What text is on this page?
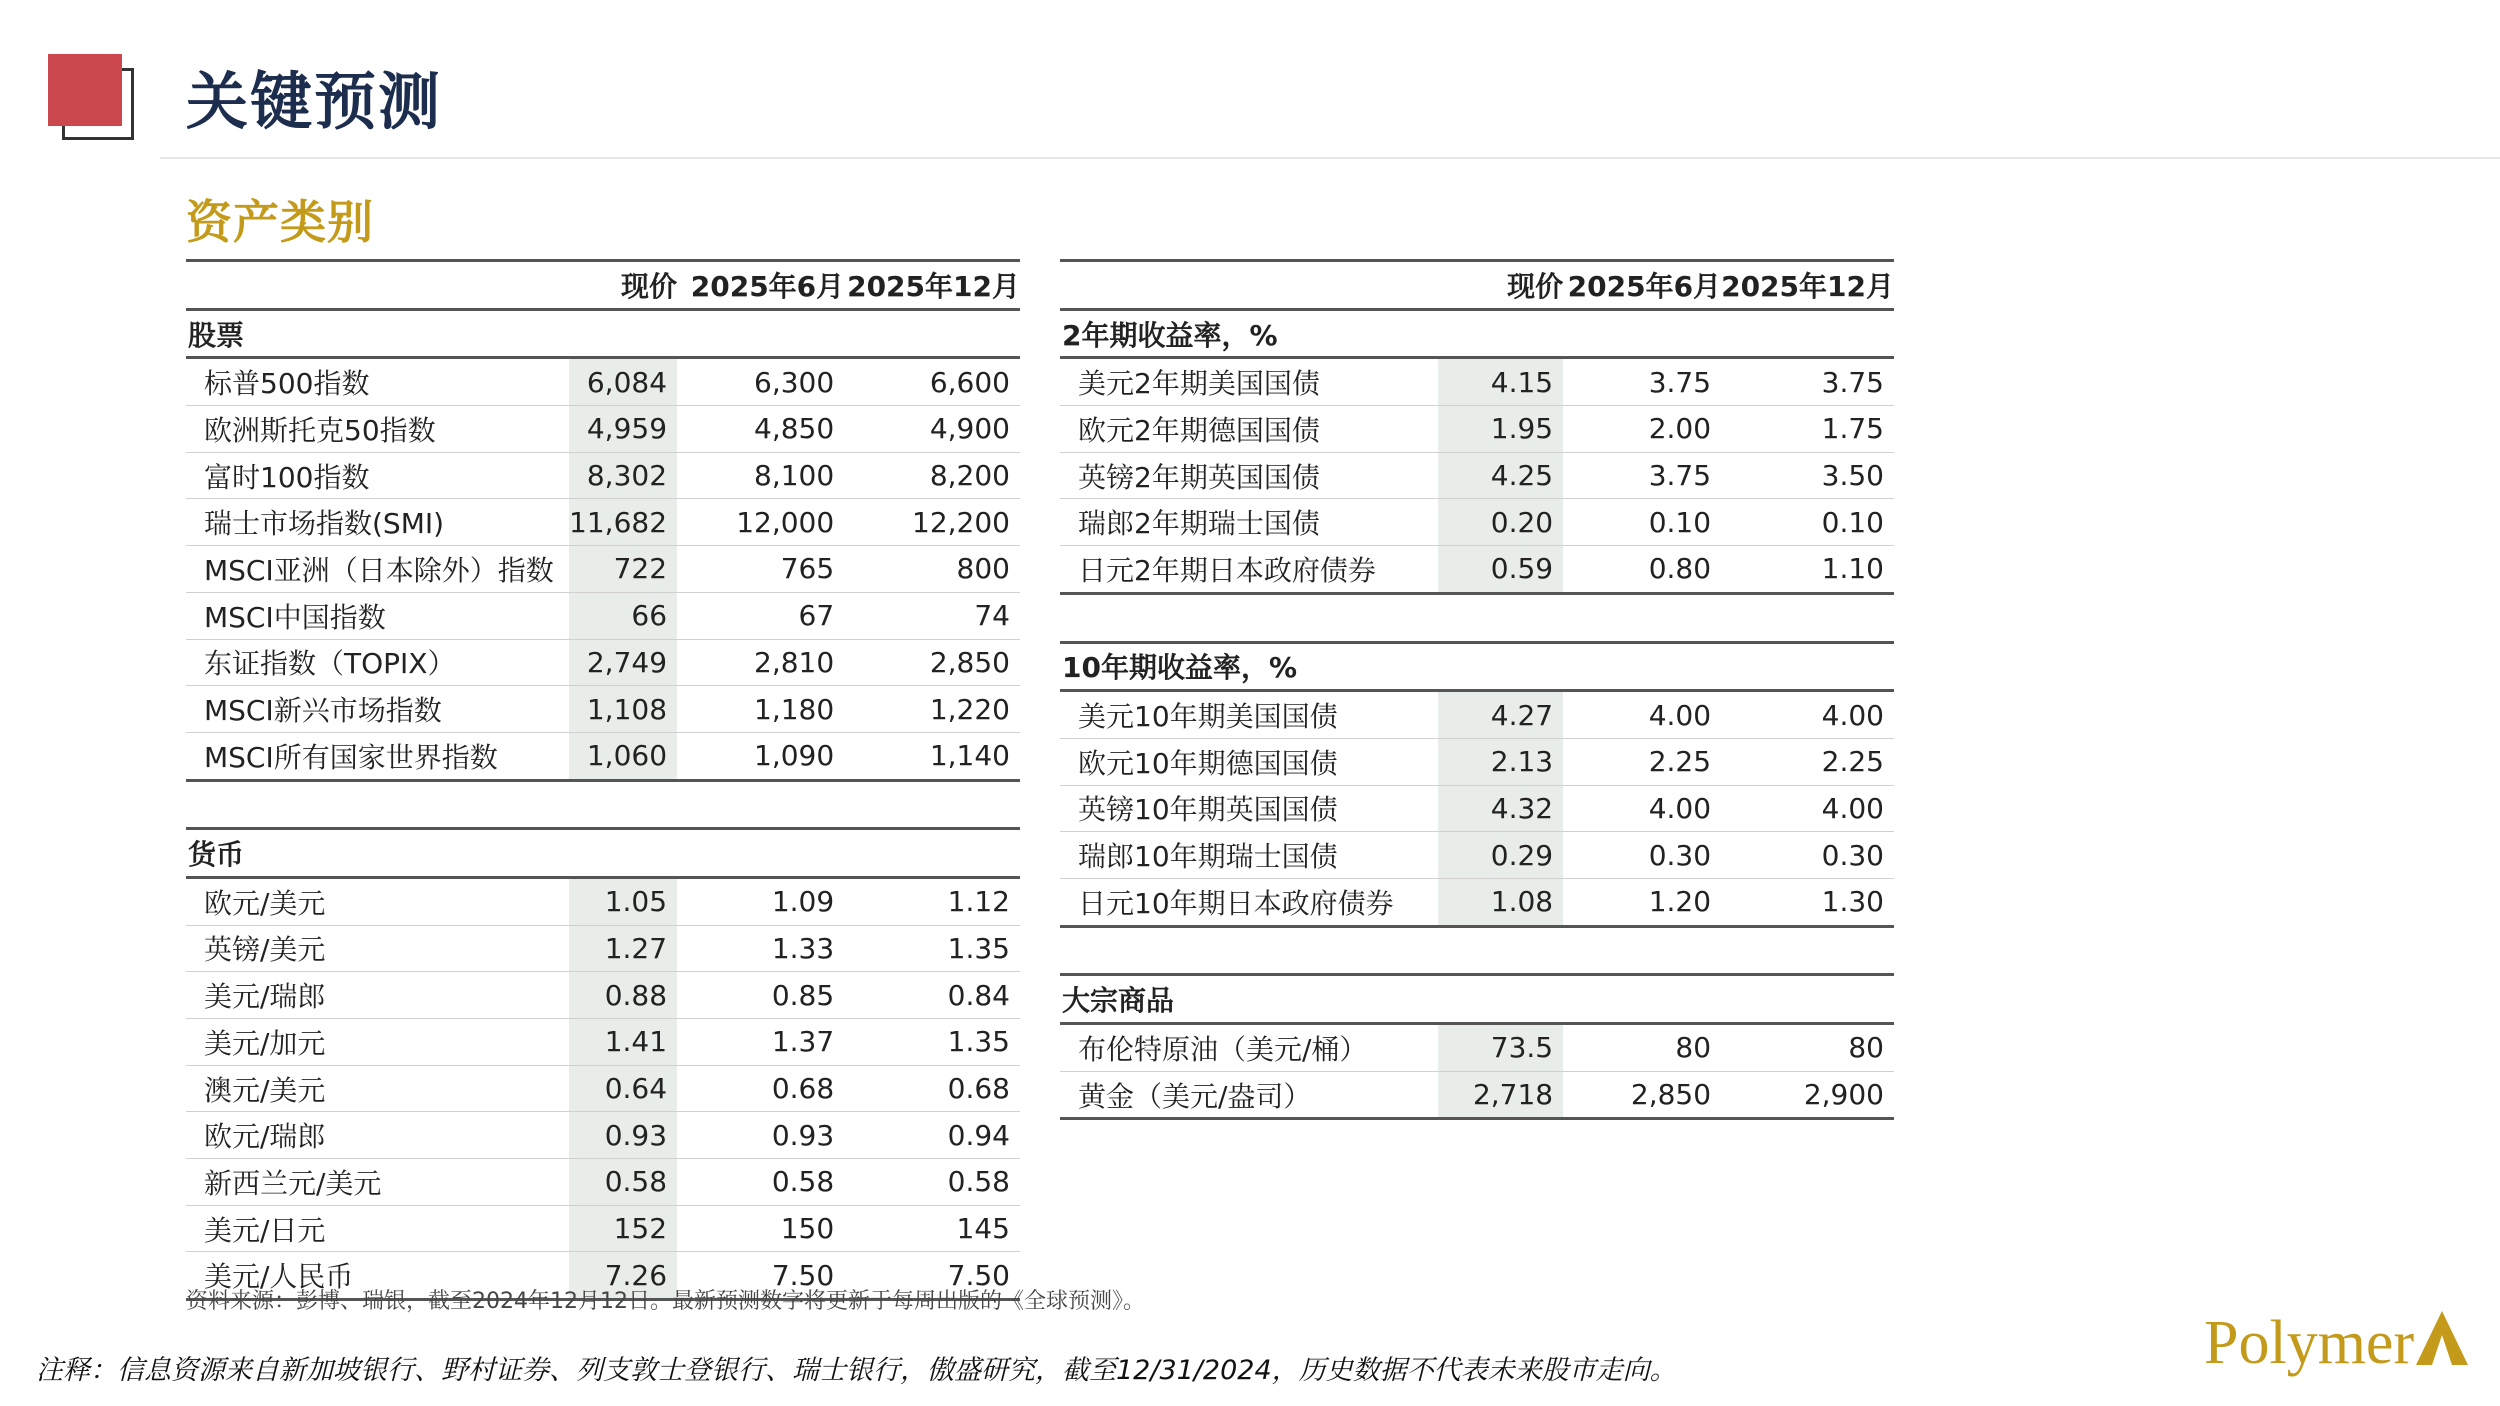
关键预测
资产类别
	现价	2025年6月	2025年12月
股票			
标普500指数	6,084	6,300	6,600
欧洲斯托克50指数	4,959	4,850	4,900
富时100指数	8,302	8,100	8,200
瑞士市场指数(SMI)	11,682	12,000	12,200
MSCI亚洲（日本除外）指数	722	765	800
MSCI中国指数	66	67	74
东证指数（TOPIX）	2,749	2,810	2,850
MSCI新兴市场指数	1,108	1,180	1,220
MSCI所有国家世界指数	1,060	1,090	1,140

货币			
欧元/美元	1.05	1.09	1.12
英镑/美元	1.27	1.33	1.35
美元/瑞郎	0.88	0.85	0.84
美元/加元	1.41	1.37	1.35
澳元/美元	0.64	0.68	0.68
欧元/瑞郎	0.93	0.93	0.94
新西兰元/美元	0.58	0.58	0.58
美元/日元	152	150	145
美元/人民币	7.26	7.50	7.50
	现价	2025年6月	2025年12月
2年期收益率，%			
美元2年期美国国债	4.15	3.75	3.75
欧元2年期德国国债	1.95	2.00	1.75
英镑2年期英国国债	4.25	3.75	3.50
瑞郎2年期瑞士国债	0.20	0.10	0.10
日元2年期日本政府债券	0.59	0.80	1.10

10年期收益率，%			
美元10年期美国国债	4.27	4.00	4.00
欧元10年期德国国债	2.13	2.25	2.25
英镑10年期英国国债	4.32	4.00	4.00
瑞郎10年期瑞士国债	0.29	0.30	0.30
日元10年期日本政府债券	1.08	1.20	1.30

大宗商品			
布伦特原油（美元/桶）	73.5	80	80
黄金（美元/盎司）	2,718	2,850	2,900
资料来源：彭博、瑞银，截至2024年12月12日。最新预测数字将更新于每周出版的《全球预测》。
注释：信息资源来自新加坡银行、野村证券、列支敦士登银行、瑞士银行，傲盛研究，截至12/31/2024，历史数据不代表未来股市走向。	Polymer
